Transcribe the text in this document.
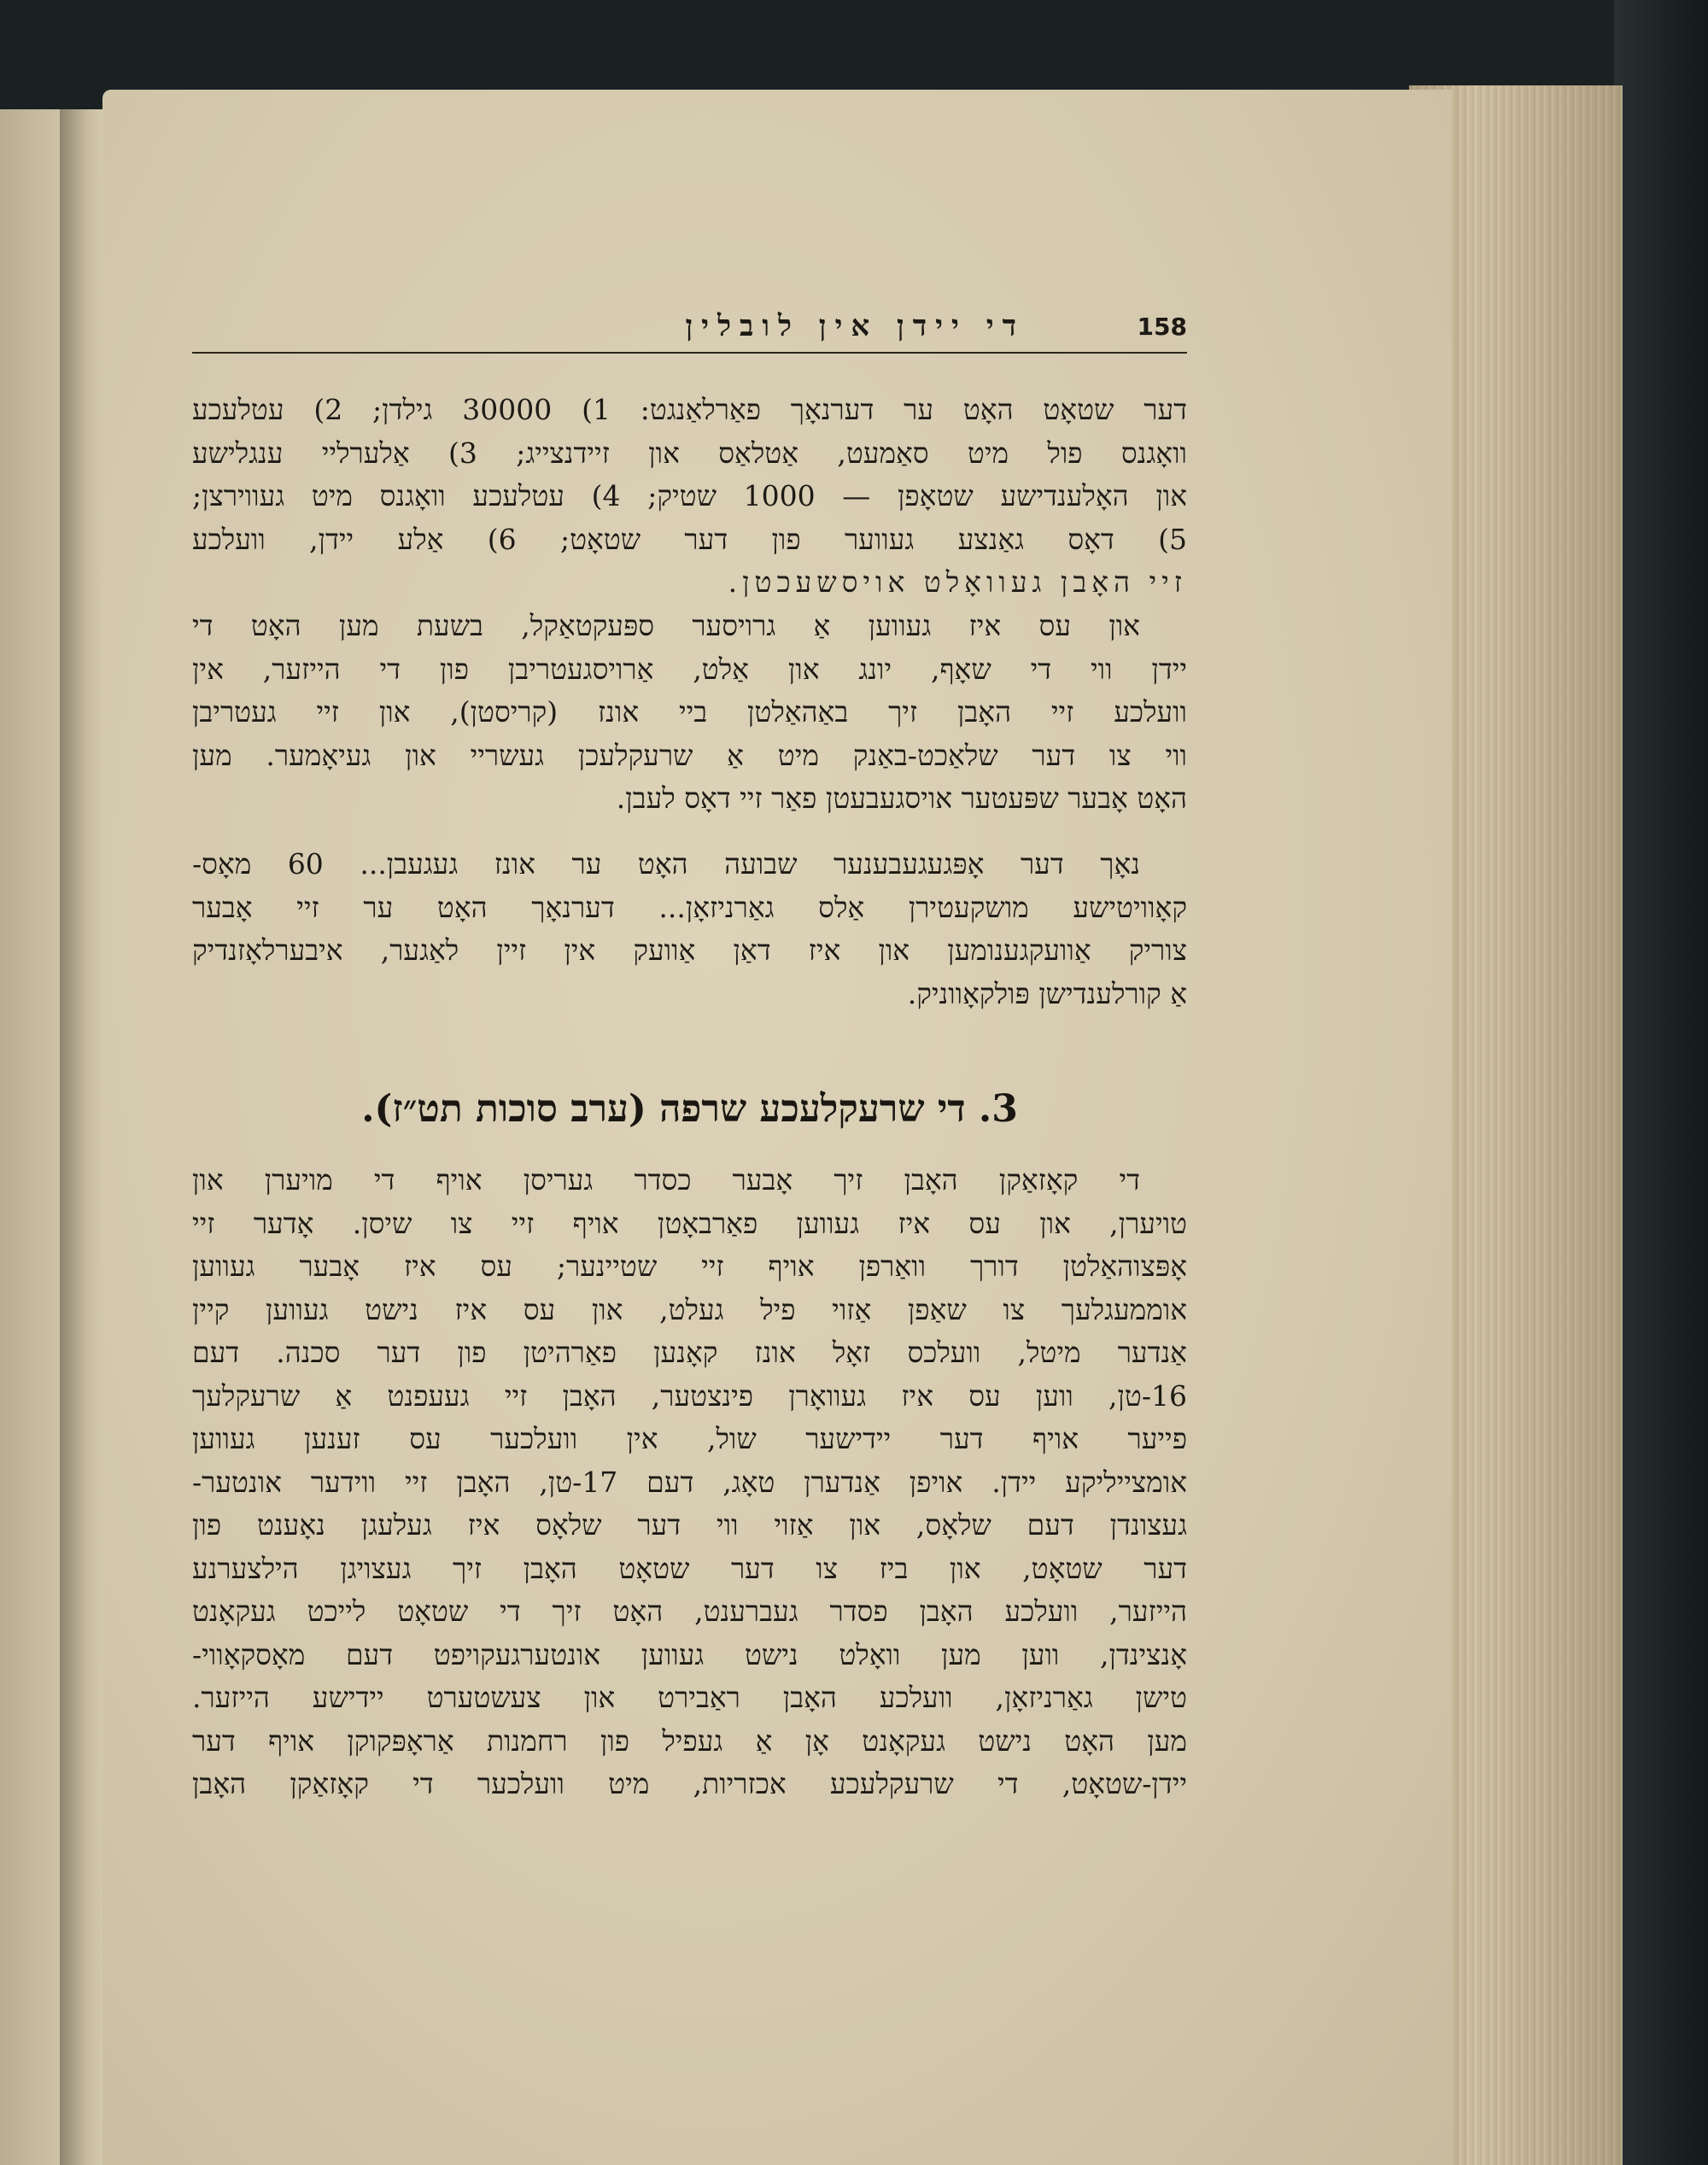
די יידן אין לובלין	158
דער שטאָט האָט ער דערנאָך פאַרלאַנגט: 1) 30000 גילדן; 2) עטלעכע
וואָגנס פול מיט סאַמעט, אַטלאַס און זיידנצייג; 3) אַלערליי ענגלישע
און האָלענדישע שטאָפן — 1000 שטיק; 4) עטלעכע וואָגנס מיט געווירצן;
5) דאָס גאַנצע געווער פון דער שטאָט; 6) אַלע יידן, וועלכע
זיי האָבן געוואָלט אויסשעכטן.
און עס איז געווען אַ גרויסער ספּעקטאַקל, בשעת מען האָט די
יידן ווי די שאָף, יונג און אַלט, אַרויסגעטריבן פון די הייזער, אין
וועלכע זיי האָבן זיך באַהאַלטן ביי אונז (קריסטן), און זיי געטריבן
ווי צו דער שלאַכט-באַנק מיט אַ שרעקלעכן געשריי און געיאָמער. מען
האָט אָבער שפּעטער אויסגעבעטן פאַר זיי דאָס לעבן.
נאָך דער אָפּגעגעבענער שבועה האָט ער אונז געגעבן... 60 מאָס-
קאָוויטישע מושקעטירן אַלס גאַרניזאָן... דערנאָך האָט ער זיי אָבער
צוריק אַוועקגענומען און איז דאַן אַוועק אין זיין לאַגער, איבערלאָזנדיק
אַ קורלענדישן פּולקאָווניק.
3. די שרעקלעכע שרפה (ערב סוכות תט״ז).
די קאָזאַקן האָבן זיך אָבער כסדר געריסן אויף די מויערן און
טויערן, און עס איז געווען פאַרבאָטן אויף זיי צו שיסן. אָדער זיי
אָפּצוהאַלטן דורך וואַרפן אויף זיי שטיינער; עס איז אָבער געווען
אוממעגלעך צו שאַפן אַזוי פיל געלט, און עס איז נישט געווען קיין
אַנדער מיטל, וועלכס זאָל אונז קאָנען פאַרהיטן פון דער סכנה. דעם
16-טן, ווען עס איז געוואָרן פינצטער, האָבן זיי געעפנט אַ שרעקלעך
פייער אויף דער יידישער שול, אין וועלכער עס זענען געווען
אומצייליקע יידן. אויפן אַנדערן טאָג, דעם 17-טן, האָבן זיי ווידער אונטער-
געצונדן דעם שלאָס, און אַזוי ווי דער שלאָס איז געלעגן נאָענט פון
דער שטאָט, און ביז צו דער שטאָט האָבן זיך געצויגן הילצערנע
הייזער, וועלכע האָבן פסדר געברענט, האָט זיך די שטאָט לייכט געקאָנט
אָנצינדן, ווען מען וואָלט נישט געווען אונטערגעקויפט דעם מאָסקאָווי-
טישן גאַרניזאָן, וועלכע האָבן ראַבירט און צעשטערט יידישע הייזער.
מען האָט נישט געקאָנט אָן אַ געפיל פון רחמנות אַראָפּקוקן אויף דער
יידן-שטאָט, די שרעקלעכע אכזריות, מיט וועלכער די קאָזאַקן האָבן
